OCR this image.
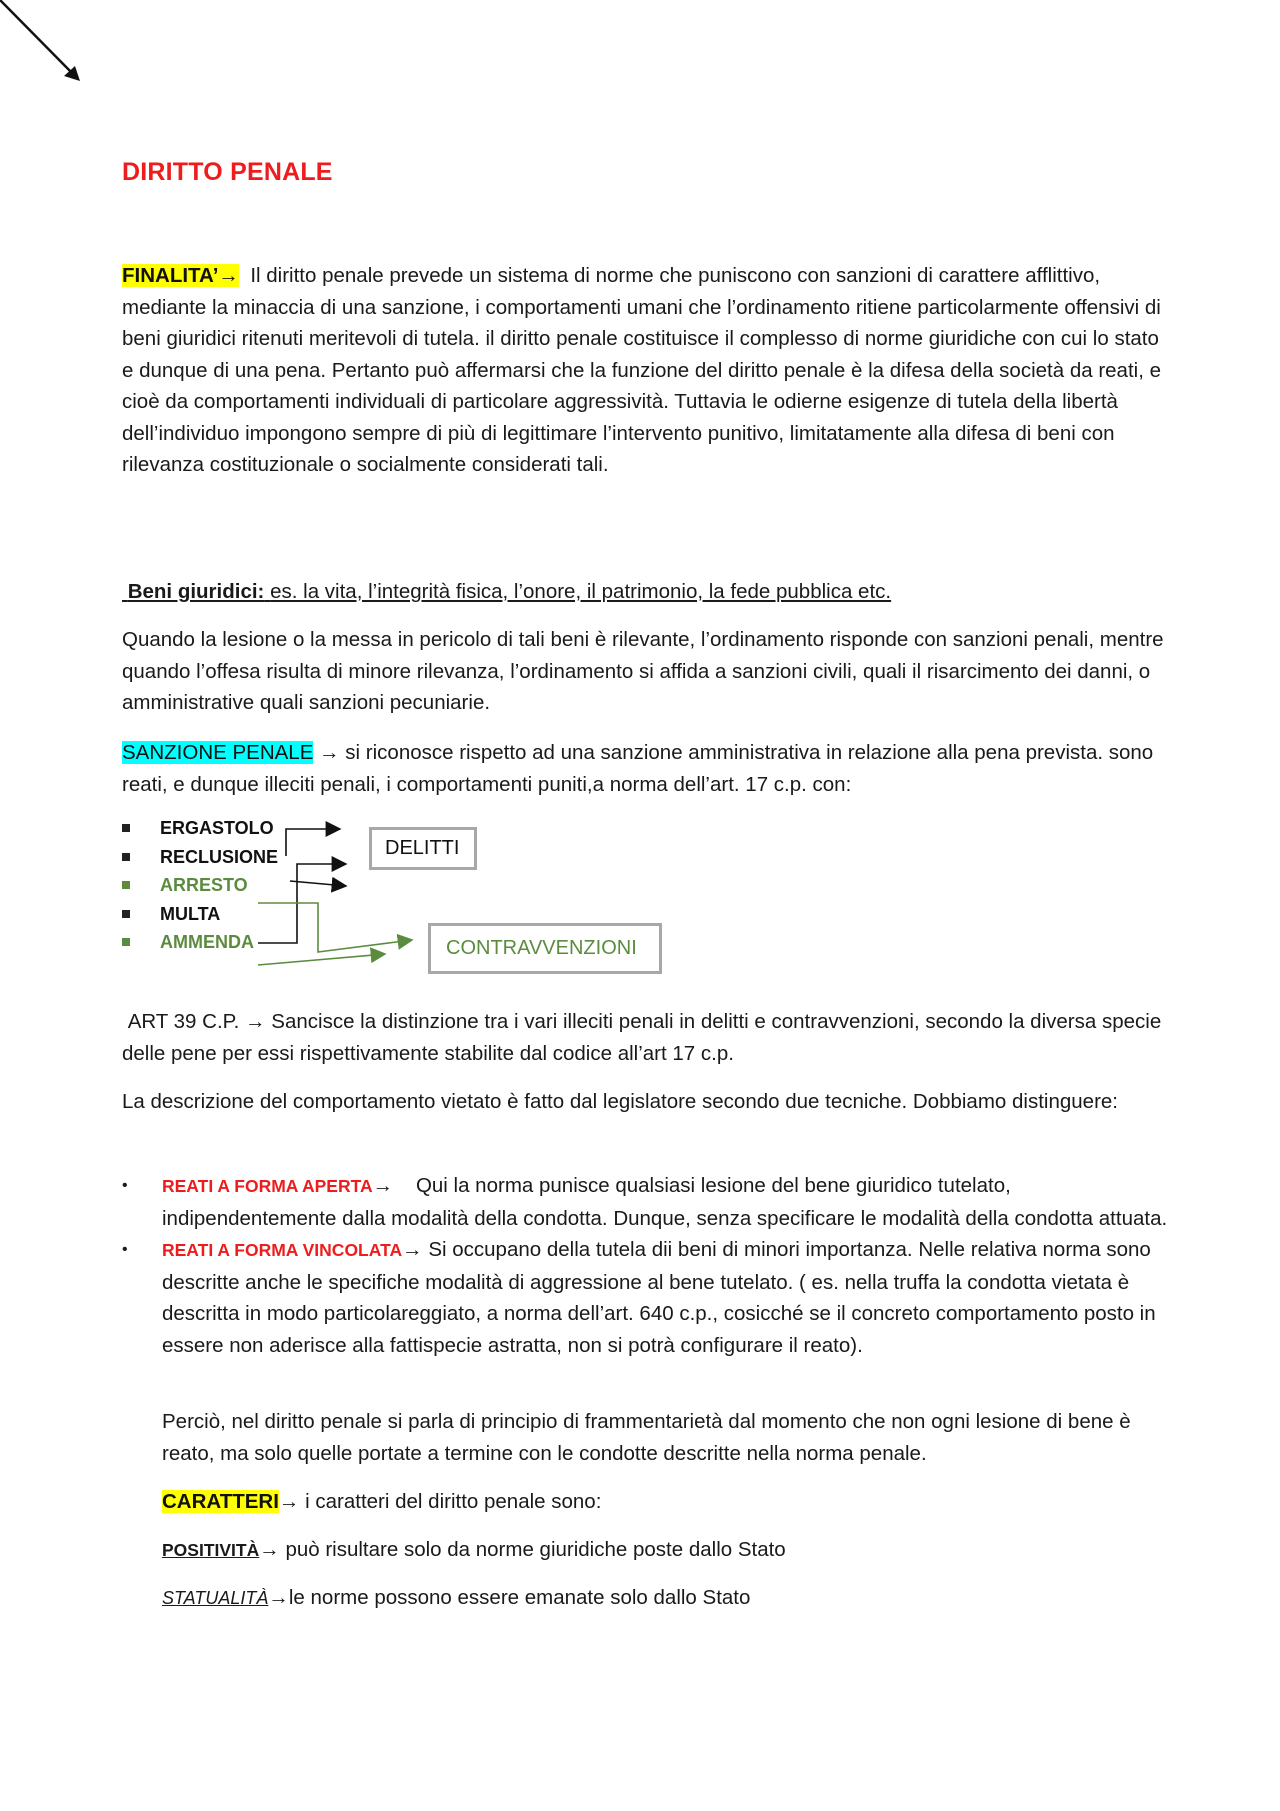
DIRITTO PENALE
FINALITA’→ Il diritto penale prevede un sistema di norme che puniscono con sanzioni di carattere afflittivo, mediante la minaccia di una sanzione, i comportamenti umani che l’ordinamento ritiene particolarmente offensivi di beni giuridici ritenuti meritevoli di tutela. il diritto penale costituisce il complesso di norme giuridiche con cui lo stato e dunque di una pena. Pertanto può affermarsi che la funzione del diritto penale è la difesa della società da reati, e cioè da comportamenti individuali di particolare aggressività. Tuttavia le odierne esigenze di tutela della libertà dell’individuo impongono sempre di più di legittimare l’intervento punitivo, limitatamente alla difesa di beni con rilevanza costituzionale o socialmente considerati tali.
Beni giuridici: es. la vita, l’integrità fisica, l’onore, il patrimonio, la fede pubblica etc.
Quando la lesione o la messa in pericolo di tali beni è rilevante, l’ordinamento risponde con sanzioni penali, mentre quando l’offesa risulta di minore rilevanza, l’ordinamento si affida a sanzioni civili, quali il risarcimento dei danni, o amministrative quali sanzioni pecuniarie.
SANZIONE PENALE → si riconosce rispetto ad una sanzione amministrativa in relazione alla pena prevista. sono reati, e dunque illeciti penali, i comportamenti puniti,a norma dell’art. 17 c.p. con:
ERGASTOLO
RECLUSIONE
ARRESTO
MULTA
AMMENDA
DELITTI
CONTRAVVENZIONI
ART 39 C.P. → Sancisce la distinzione tra i vari illeciti penali in delitti e contravvenzioni, secondo la diversa specie delle pene per essi rispettivamente stabilite dal codice all’art 17 c.p.
La descrizione del comportamento vietato è fatto dal legislatore secondo due tecniche. Dobbiamo distinguere:
•	REATI A FORMA APERTA→ Qui la norma punisce qualsiasi lesione del bene giuridico tutelato, indipendentemente dalla modalità della condotta. Dunque, senza specificare le modalità della condotta attuata.
•	REATI A FORMA VINCOLATA→ Si occupano della tutela dii beni di minori importanza. Nelle relativa norma sono descritte anche le specifiche modalità di aggressione al bene tutelato. ( es. nella truffa la condotta vietata è descritta in modo particolareggiato, a norma dell’art. 640 c.p., cosicché se il concreto comportamento posto in essere non aderisce alla fattispecie astratta, non si potrà configurare il reato).
Perciò, nel diritto penale si parla di principio di frammentarietà dal momento che non ogni lesione di bene è reato, ma solo quelle portate a termine con le condotte descritte nella norma penale.
CARATTERI→ i caratteri del diritto penale sono:
POSITIVITÀ→ può risultare solo da norme giuridiche poste dallo Stato
STATUALITÀ→le norme possono essere emanate solo dallo Stato
